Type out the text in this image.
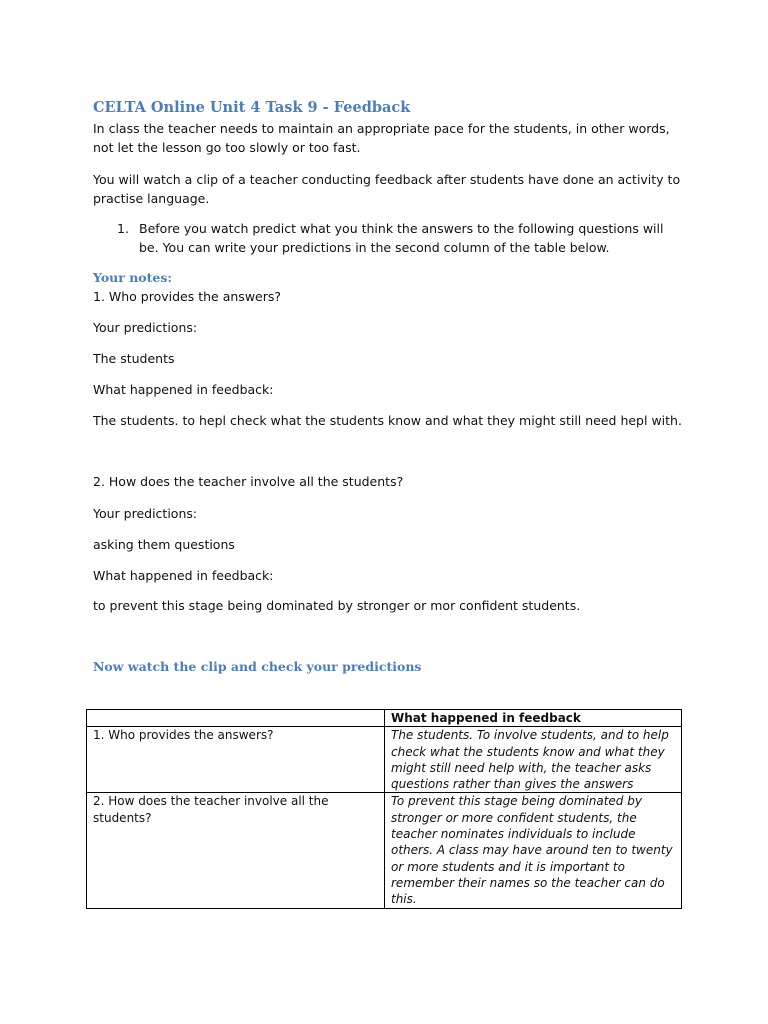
CELTA Online Unit 4 Task 9 - Feedback

In class the teacher needs to maintain an appropriate pace for the students, in other words, not let the lesson go too slowly or too fast.

You will watch a clip of a teacher conducting feedback after students have done an activity to practise language.

1. Before you watch predict what you think the answers to the following questions will be. You can write your predictions in the second column of the table below.

Your notes:

1. Who provides the answers?

Your predictions:

The students

What happened in feedback:

The students. to hepl check what the students know and what they might still need hepl with.

2. How does the teacher involve all the students?

Your predictions:

asking them questions

What happened in feedback:

to prevent this stage being dominated by stronger or mor confident students.

Now watch the clip and check your predictions
	What happened in feedback
1. Who provides the answers?	The students. To involve students, and to help check what the students know and what they might still need help with, the teacher asks questions rather than gives the answers
2. How does the teacher involve all the students?	To prevent this stage being dominated by stronger or more confident students, the teacher nominates individuals to include others. A class may have around ten to twenty or more students and it is important to remember their names so the teacher can do this.
